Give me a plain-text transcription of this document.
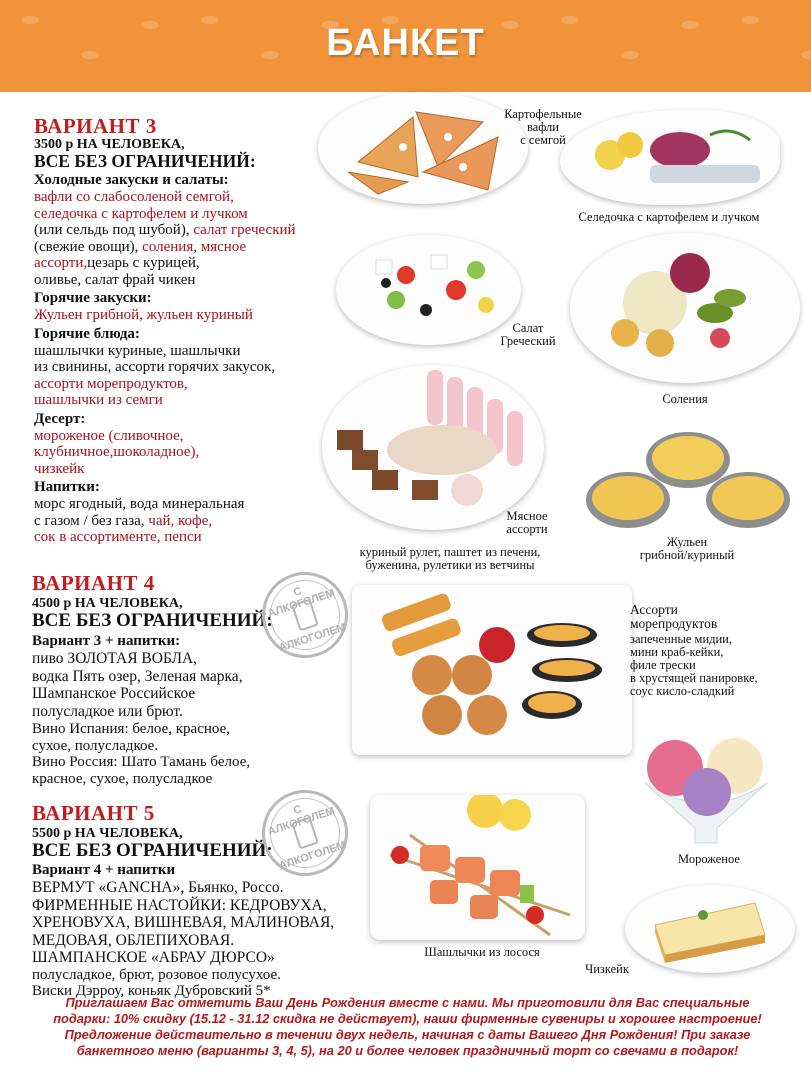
БАНКЕТ
ВАРИАНТ 3
3500 р НА ЧЕЛОВЕКА,
ВСЕ БЕЗ ОГРАНИЧЕНИЙ:
Холодные закуски и салаты:
вафли со слабосоленой семгой,
селедочка с картофелем и лучком
(или сельдь под шубой), салат греческий
(свежие овощи), соления, мясное
ассорти,цезарь с курицей,
оливье, салат фрай чикен
Горячие закуски:
Жульен грибной, жульен куриный
Горячие блюда:
шашлычки куриные, шашлычки
из свинины, ассорти горячих закусок,
ассорти морепродуктов,
шашлычки из семги
Десерт:
мороженое (сливочное,
клубничное,шоколадное),
чизкейк
Напитки:
морс ягодный, вода минеральная
с газом / без газа, чай, кофе,
сок в ассортименте, пепси
ВАРИАНТ 4
4500 р НА ЧЕЛОВЕКА,
ВСЕ БЕЗ ОГРАНИЧЕНИЙ:
Вариант 3 + напитки:
пиво ЗОЛОТАЯ ВОБЛА,
водка Пять озер, Зеленая марка,
Шампанское Российское
полусладкое или брют.
Вино Испания: белое, красное,
сухое, полусладкое.
Вино Россия: Шато Тамань белое,
красное, сухое, полусладкое
ВАРИАНТ 5
5500 р НА ЧЕЛОВЕКА,
ВСЕ БЕЗ ОГРАНИЧЕНИЙ:
Вариант 4 + напитки
ВЕРМУТ «GANCHA», Бьянко, Россо.
ФИРМЕННЫЕ НАСТОЙКИ: КЕДРОВУХА,
ХРЕНОВУХА, ВИШНЕВАЯ, МАЛИНОВАЯ,
МЕДОВАЯ, ОБЛЕПИХОВАЯ.
ШАМПАНСКОЕ «АБРАУ ДЮРСО»
полусладкое, брют, розовое полусухое.
Виски Дэрроу, коньяк Дубровский 5*
С АЛКОГОЛЕМ
АЛКОГОЛЕМ
С АЛКОГОЛЕМ
АЛКОГОЛЕМ
Картофельные
вафли
с семгой
Селедочка с картофелем и лучком
Салат
Греческий
Соления
Мясное
ассорти
куриный рулет, паштет из печени,
буженина, рулетики из ветчины
Жульен
грибной/куриный
Ассорти
морепродуктов
запеченные мидии,
мини краб-кейки,
филе трески
в хрустящей панировке,
соус кисло-сладкий
Мороженое
Шашлычки из лосося
Чизкейк
Приглашаем Вас отметить Ваш День Рождения вместе с нами. Мы приготовили для Вас специальные
подарки: 10% скидку (15.12 - 31.12 скидка не действует), наши фирменные сувениры и хорошее настроение!
Предложение действительно в течении двух недель, начиная с даты Вашего Дня Рождения! При заказе
банкетного меню (варианты 3, 4, 5), на 20 и более человек праздничный торт со свечами в подарок!
